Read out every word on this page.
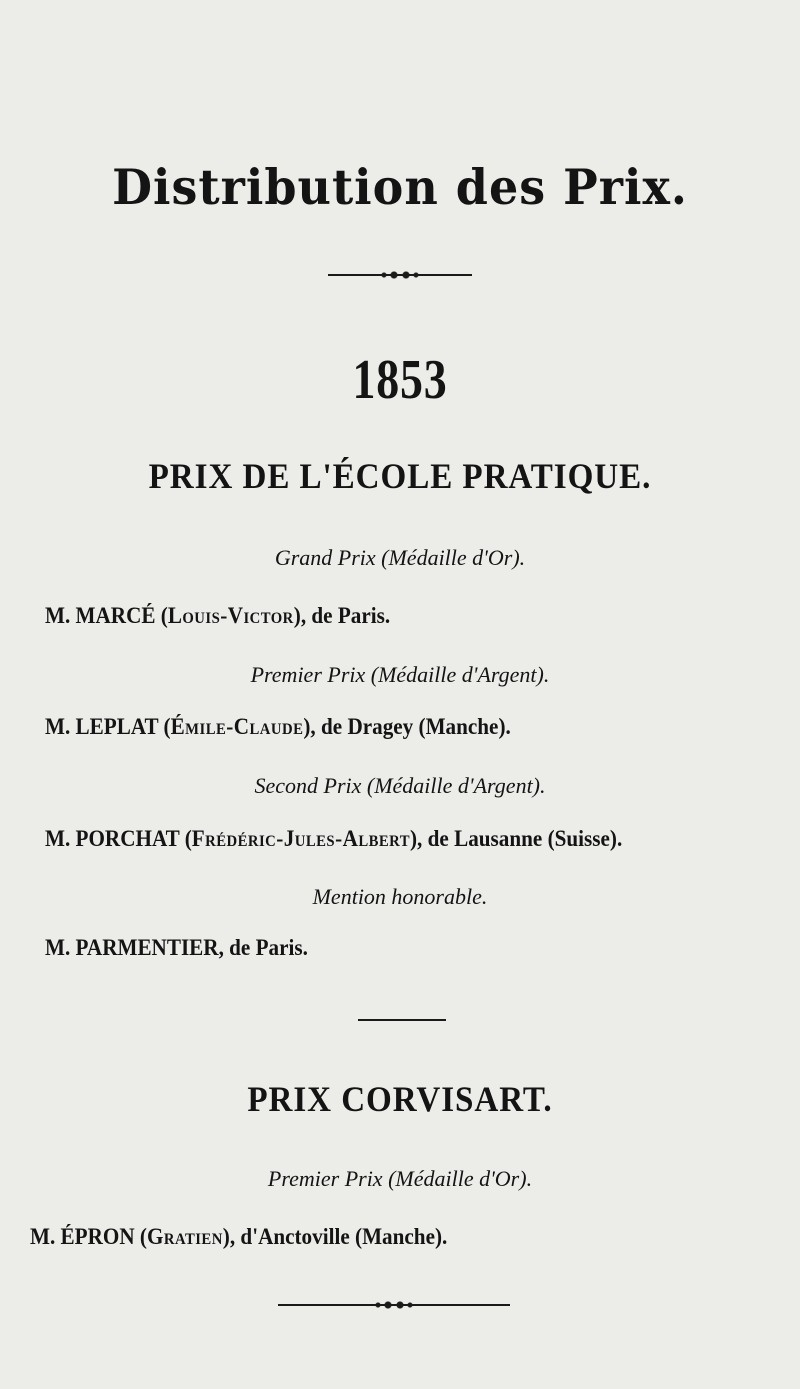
Distribution des Prix.
1853
PRIX DE L'ÉCOLE PRATIQUE.
Grand Prix (Médaille d'Or).
M. MARCÉ (Louis-Victor), de Paris.
Premier Prix (Médaille d'Argent).
M. LEPLAT (Émile-Claude), de Dragey (Manche).
Second Prix (Médaille d'Argent).
M. PORCHAT (Frédéric-Jules-Albert), de Lausanne (Suisse).
Mention honorable.
M. PARMENTIER, de Paris.
PRIX CORVISART.
Premier Prix (Médaille d'Or).
M. ÉPRON (Gratien), d'Anctoville (Manche).
